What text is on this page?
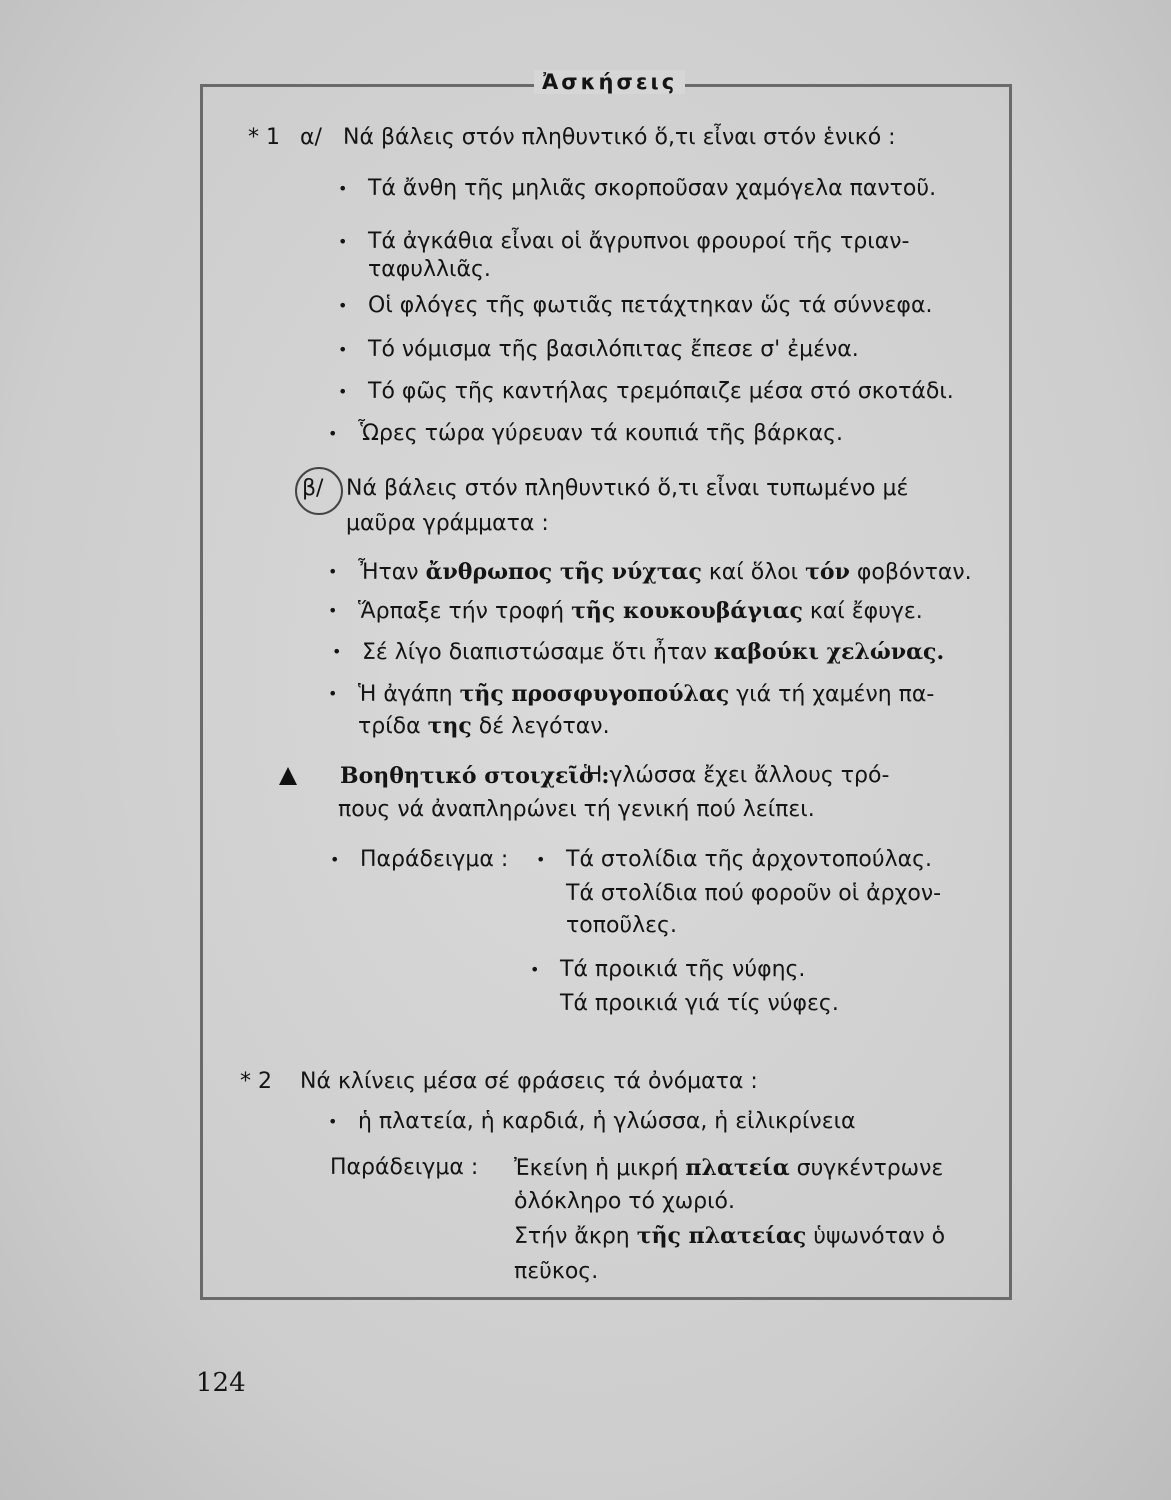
Ἀσκήσεις
* 1 α/ Νά βάλεις στόν πληθυντικό ὅ,τι εἶναι στόν ἑνικό :
• Τά ἄνθη τῆς μηλιᾶς σκορποῦσαν χαμόγελα παντοῦ.
• Τά ἀγκάθια εἶναι οἱ ἄγρυπνοι φρουροί τῆς τριαν-
ταφυλλιᾶς.
• Οἱ φλόγες τῆς φωτιᾶς πετάχτηκαν ὥς τά σύννεφα.
• Τό νόμισμα τῆς βασιλόπιτας ἔπεσε σ' ἐμένα.
• Τό φῶς τῆς καντήλας τρεμόπαιζε μέσα στό σκοτάδι.
• Ὧρες τώρα γύρευαν τά κουπιά τῆς βάρκας.
β/ Νά βάλεις στόν πληθυντικό ὅ,τι εἶναι τυπωμένο μέ
μαῦρα γράμματα :
• Ἦταν ἄνθρωπος τῆς νύχτας καί ὅλοι τόν φοβόνταν.
• Ἅρπαξε τήν τροφή τῆς κουκουβάγιας καί ἔφυγε.
• Σέ λίγο διαπιστώσαμε ὅτι ἦταν καβούκι χελώνας.
• Ἡ ἀγάπη τῆς προσφυγοπούλας γιά τή χαμένη πα-
τρίδα της δέ λεγόταν.
Βοηθητικό στοιχεῖο :
Ἡ γλώσσα ἔχει ἄλλους τρό-
πους νά ἀναπληρώνει τή γενική πού λείπει.
• Παράδειγμα :	• Τά στολίδια τῆς ἀρχοντοπούλας.
Τά στολίδια πού φοροῦν οἱ ἀρχον-
τοποῦλες.
• Τά προικιά τῆς νύφης.
Τά προικιά γιά τίς νύφες.
* 2 Νά κλίνεις μέσα σέ φράσεις τά ὀνόματα :
• ἡ πλατεία, ἡ καρδιά, ἡ γλώσσα, ἡ εἰλικρίνεια
Παράδειγμα : Ἐκείνη ἡ μικρή πλατεία συγκέντρωνε
ὁλόκληρο τό χωριό.
Στήν ἄκρη τῆς πλατείας ὑψωνόταν ὁ
πεῦκος.
124
